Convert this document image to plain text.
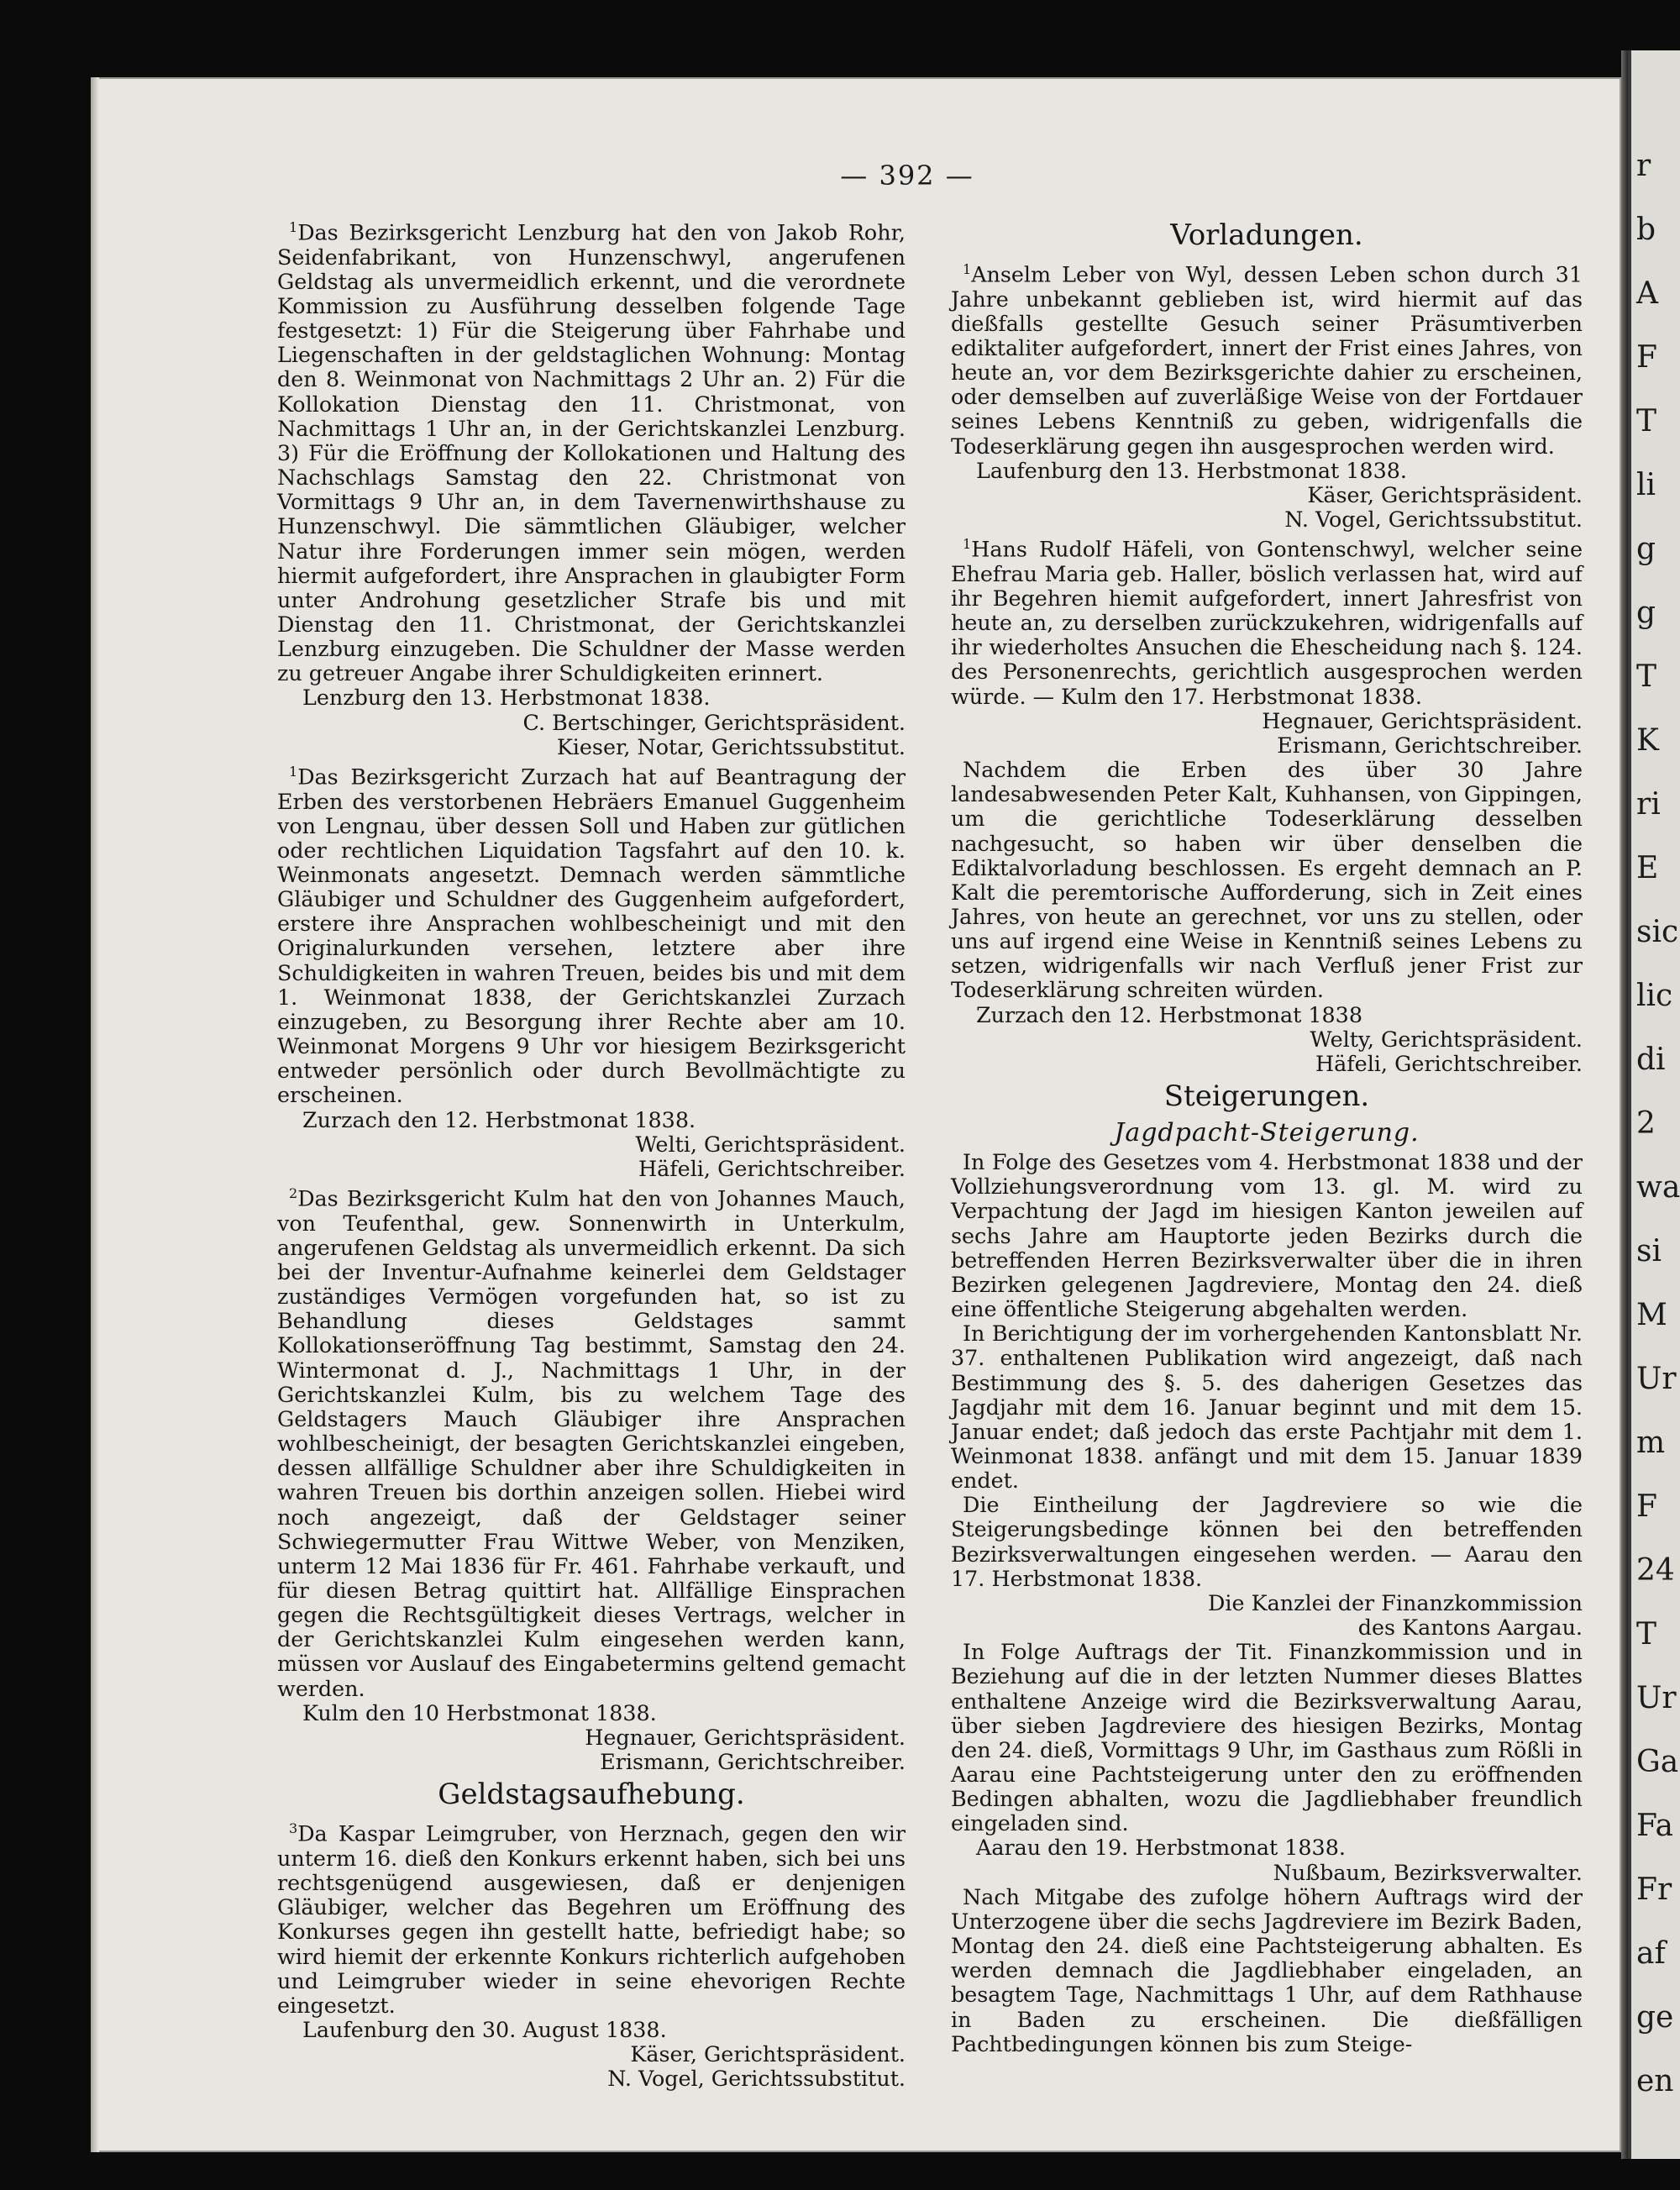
r
b
A
F
T
li
g
g
T
K
ri
E
sic
lic
di
2
wa
si
M
Ur
m
F
24
T
Ur
Ga
Fa
Fr
af
ge
en
— 392 —

$^1$Das Bezirksgericht Lenzburg hat den von Jakob Rohr, Seidenfabrikant, von Hunzenschwyl, angerufenen Geldstag als unvermeidlich erkennt, und die verordnete Kommission zu Ausführung desselben folgende Tage festgesetzt: 1) Für die Steigerung über Fahrhabe und Liegenschaften in der geldstaglichen Wohnung: Montag den 8. Weinmonat von Nachmittags 2 Uhr an. 2) Für die Kollokation Dienstag den 11. Christmonat, von Nachmittags 1 Uhr an, in der Gerichtskanzlei Lenzburg. 3) Für die Eröffnung der Kollokationen und Haltung des Nachschlags Samstag den 22. Christmonat von Vormittags 9 Uhr an, in dem Tavernenwirthshause zu Hunzenschwyl. Die sämmtlichen Gläubiger, welcher Natur ihre Forderungen immer sein mögen, werden hiermit aufgefordert, ihre Ansprachen in glaubigter Form unter Androhung gesetzlicher Strafe bis und mit Dienstag den 11. Christmonat, der Gerichtskanzlei Lenzburg einzugeben. Die Schuldner der Masse werden zu getreuer Angabe ihrer Schuldigkeiten erinnert.

Lenzburg den 13. Herbstmonat 1838.
C. Bertschinger, Gerichtspräsident.
Kieser, Notar, Gerichtssubstitut.

$^1$Das Bezirksgericht Zurzach hat auf Beantragung der Erben des verstorbenen Hebräers Emanuel Guggenheim von Lengnau, über dessen Soll und Haben zur gütlichen oder rechtlichen Liquidation Tagsfahrt auf den 10. k. Weinmonats angesetzt. Demnach werden sämmtliche Gläubiger und Schuldner des Guggenheim aufgefordert, erstere ihre Ansprachen wohlbescheinigt und mit den Originalurkunden versehen, letztere aber ihre Schuldigkeiten in wahren Treuen, beides bis und mit dem 1. Weinmonat 1838, der Gerichtskanzlei Zurzach einzugeben, zu Besorgung ihrer Rechte aber am 10. Weinmonat Morgens 9 Uhr vor hiesigem Bezirksgericht entweder persönlich oder durch Bevollmächtigte zu erscheinen.

Zurzach den 12. Herbstmonat 1838.
Welti, Gerichtspräsident.
Häfeli, Gerichtschreiber.

$^2$Das Bezirksgericht Kulm hat den von Johannes Mauch, von Teufenthal, gew. Sonnenwirth in Unterkulm, angerufenen Geldstag als unvermeidlich erkennt. Da sich bei der Inventur-Aufnahme keinerlei dem Geldstager zuständiges Vermögen vorgefunden hat, so ist zu Behandlung dieses Geldstages sammt Kollokationseröffnung Tag bestimmt, Samstag den 24. Wintermonat d. J., Nachmittags 1 Uhr, in der Gerichtskanzlei Kulm, bis zu welchem Tage des Geldstagers Mauch Gläubiger ihre Ansprachen wohlbescheinigt, der besagten Gerichtskanzlei eingeben, dessen allfällige Schuldner aber ihre Schuldigkeiten in wahren Treuen bis dorthin anzeigen sollen. Hiebei wird noch angezeigt, daß der Geldstager seiner Schwiegermutter Frau Wittwe Weber, von Menziken, unterm 12 Mai 1836 für Fr. 461. Fahrhabe verkauft, und für diesen Betrag quittirt hat. Allfällige Einsprachen gegen die Rechtsgültigkeit dieses Vertrags, welcher in der Gerichtskanzlei Kulm eingesehen werden kann, müssen vor Auslauf des Eingabetermins geltend gemacht werden.

Kulm den 10 Herbstmonat 1838.
Hegnauer, Gerichtspräsident.
Erismann, Gerichtschreiber.
Geldstagsaufhebung.

$^3$Da Kaspar Leimgruber, von Herznach, gegen den wir unterm 16. dieß den Konkurs erkennt haben, sich bei uns rechtsgenügend ausgewiesen, daß er denjenigen Gläubiger, welcher das Begehren um Eröffnung des Konkurses gegen ihn gestellt hatte, befriedigt habe; so wird hiemit der erkennte Konkurs richterlich aufgehoben und Leimgruber wieder in seine ehevorigen Rechte eingesetzt.

Laufenburg den 30. August 1838.
Käser, Gerichtspräsident.
N. Vogel, Gerichtssubstitut.
Vorladungen.

$^1$Anselm Leber von Wyl, dessen Leben schon durch 31 Jahre unbekannt geblieben ist, wird hiermit auf das dießfalls gestellte Gesuch seiner Präsumtiverben ediktaliter aufgefordert, innert der Frist eines Jahres, von heute an, vor dem Bezirksgerichte dahier zu erscheinen, oder demselben auf zuverläßige Weise von der Fortdauer seines Lebens Kenntniß zu geben, widrigenfalls die Todeserklärung gegen ihn ausgesprochen werden wird.

Laufenburg den 13. Herbstmonat 1838.
Käser, Gerichtspräsident.
N. Vogel, Gerichtssubstitut.

$^1$Hans Rudolf Häfeli, von Gontenschwyl, welcher seine Ehefrau Maria geb. Haller, böslich verlassen hat, wird auf ihr Begehren hiemit aufgefordert, innert Jahresfrist von heute an, zu derselben zurückzukehren, widrigenfalls auf ihr wiederholtes Ansuchen die Ehescheidung nach §. 124. des Personenrechts, gerichtlich ausgesprochen werden würde. — Kulm den 17. Herbstmonat 1838.

Hegnauer, Gerichtspräsident.
Erismann, Gerichtschreiber.

Nachdem die Erben des über 30 Jahre landesabwesenden Peter Kalt, Kuhhansen, von Gippingen, um die gerichtliche Todeserklärung desselben nachgesucht, so haben wir über denselben die Ediktalvorladung beschlossen. Es ergeht demnach an P. Kalt die peremtorische Aufforderung, sich in Zeit eines Jahres, von heute an gerechnet, vor uns zu stellen, oder uns auf irgend eine Weise in Kenntniß seines Lebens zu setzen, widrigenfalls wir nach Verfluß jener Frist zur Todeserklärung schreiten würden.

Zurzach den 12. Herbstmonat 1838
Welty, Gerichtspräsident.
Häfeli, Gerichtschreiber.
Steigerungen.
Jagdpacht-Steigerung.

In Folge des Gesetzes vom 4. Herbstmonat 1838 und der Vollziehungsverordnung vom 13. gl. M. wird zu Verpachtung der Jagd im hiesigen Kanton jeweilen auf sechs Jahre am Hauptorte jeden Bezirks durch die betreffenden Herren Bezirksverwalter über die in ihren Bezirken gelegenen Jagdreviere, Montag den 24. dieß eine öffentliche Steigerung abgehalten werden.

In Berichtigung der im vorhergehenden Kantonsblatt Nr. 37. enthaltenen Publikation wird angezeigt, daß nach Bestimmung des §. 5. des daherigen Gesetzes das Jagdjahr mit dem 16. Januar beginnt und mit dem 15. Januar endet; daß jedoch das erste Pachtjahr mit dem 1. Weinmonat 1838. anfängt und mit dem 15. Januar 1839 endet.

Die Eintheilung der Jagdreviere so wie die Steigerungsbedinge können bei den betreffenden Bezirksverwaltungen eingesehen werden. — Aarau den 17. Herbstmonat 1838.

Die Kanzlei der Finanzkommission
des Kantons Aargau.

In Folge Auftrags der Tit. Finanzkommission und in Beziehung auf die in der letzten Nummer dieses Blattes enthaltene Anzeige wird die Bezirksverwaltung Aarau, über sieben Jagdreviere des hiesigen Bezirks, Montag den 24. dieß, Vormittags 9 Uhr, im Gasthaus zum Rößli in Aarau eine Pachtsteigerung unter den zu eröffnenden Bedingen abhalten, wozu die Jagdliebhaber freundlich eingeladen sind.

Aarau den 19. Herbstmonat 1838.
Nußbaum, Bezirksverwalter.

Nach Mitgabe des zufolge höhern Auftrags wird der Unterzogene über die sechs Jagdreviere im Bezirk Baden, Montag den 24. dieß eine Pachtsteigerung abhalten. Es werden demnach die Jagdliebhaber eingeladen, an besagtem Tage, Nachmittags 1 Uhr, auf dem Rathhause in Baden zu erscheinen. Die dießfälligen Pachtbedingungen können bis zum Steige-
